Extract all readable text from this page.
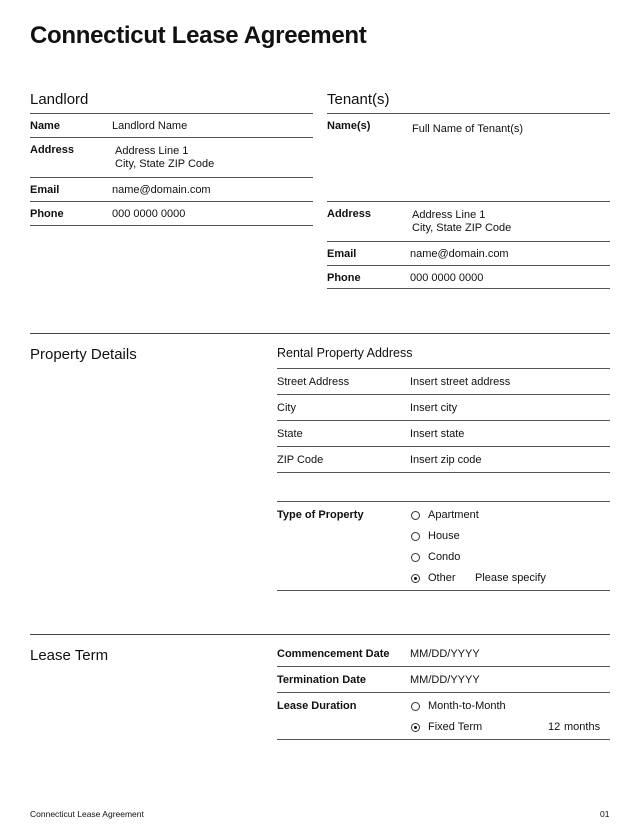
Connecticut Lease Agreement
Landlord
Name	Landlord Name
Address	Address Line 1
City, State ZIP Code
Email	name@domain.com
Phone	000 0000 0000
Tenant(s)
Name(s)	Full Name of Tenant(s)
Address	Address Line 1
City, State ZIP Code
Email	name@domain.com
Phone	000 0000 0000
Property Details	Rental Property Address
Street Address	Insert street address
City	Insert city
State	Insert state
ZIP Code	Insert zip code
Type of Property	Apartment
House
Condo
Other Please specify
Lease Term	Commencement Date MM/DD/YYYY
Termination Date	MM/DD/YYYY
Lease Duration	Month-to-Month
Fixed Term	12 months
Connecticut Lease Agreement	01
